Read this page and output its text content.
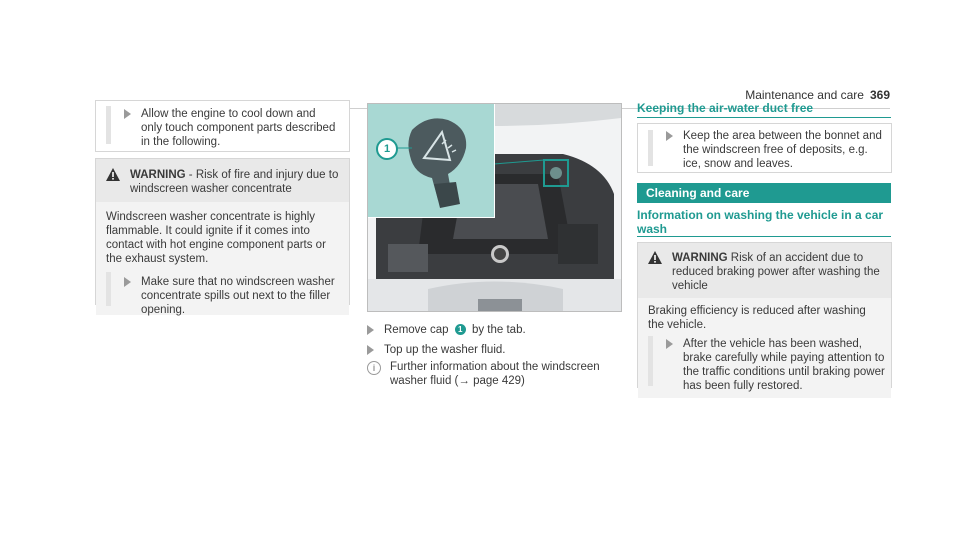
Maintenance and care 369
Allow the engine to cool down and only touch component parts described in the following.
WARNING - Risk of fire and injury due to windscreen washer concentrate
Windscreen washer concentrate is highly flammable. It could ignite if it comes into contact with hot engine component parts or the exhaust system.
Make sure that no windscreen washer concentrate spills out next to the filler opening.
1
Remove cap 1 by the tab.
Top up the washer fluid.
i	Further information about the windscreen washer fluid (→ page 429)
Keeping the air-water duct free
Keep the area between the bonnet and the windscreen free of deposits, e.g. ice, snow and leaves.
Cleaning and care
Information on washing the vehicle in a car wash
WARNING Risk of an accident due to reduced braking power after washing the vehicle
Braking efficiency is reduced after washing the vehicle.
After the vehicle has been washed, brake carefully while paying attention to the traffic conditions until braking power has been fully restored.
